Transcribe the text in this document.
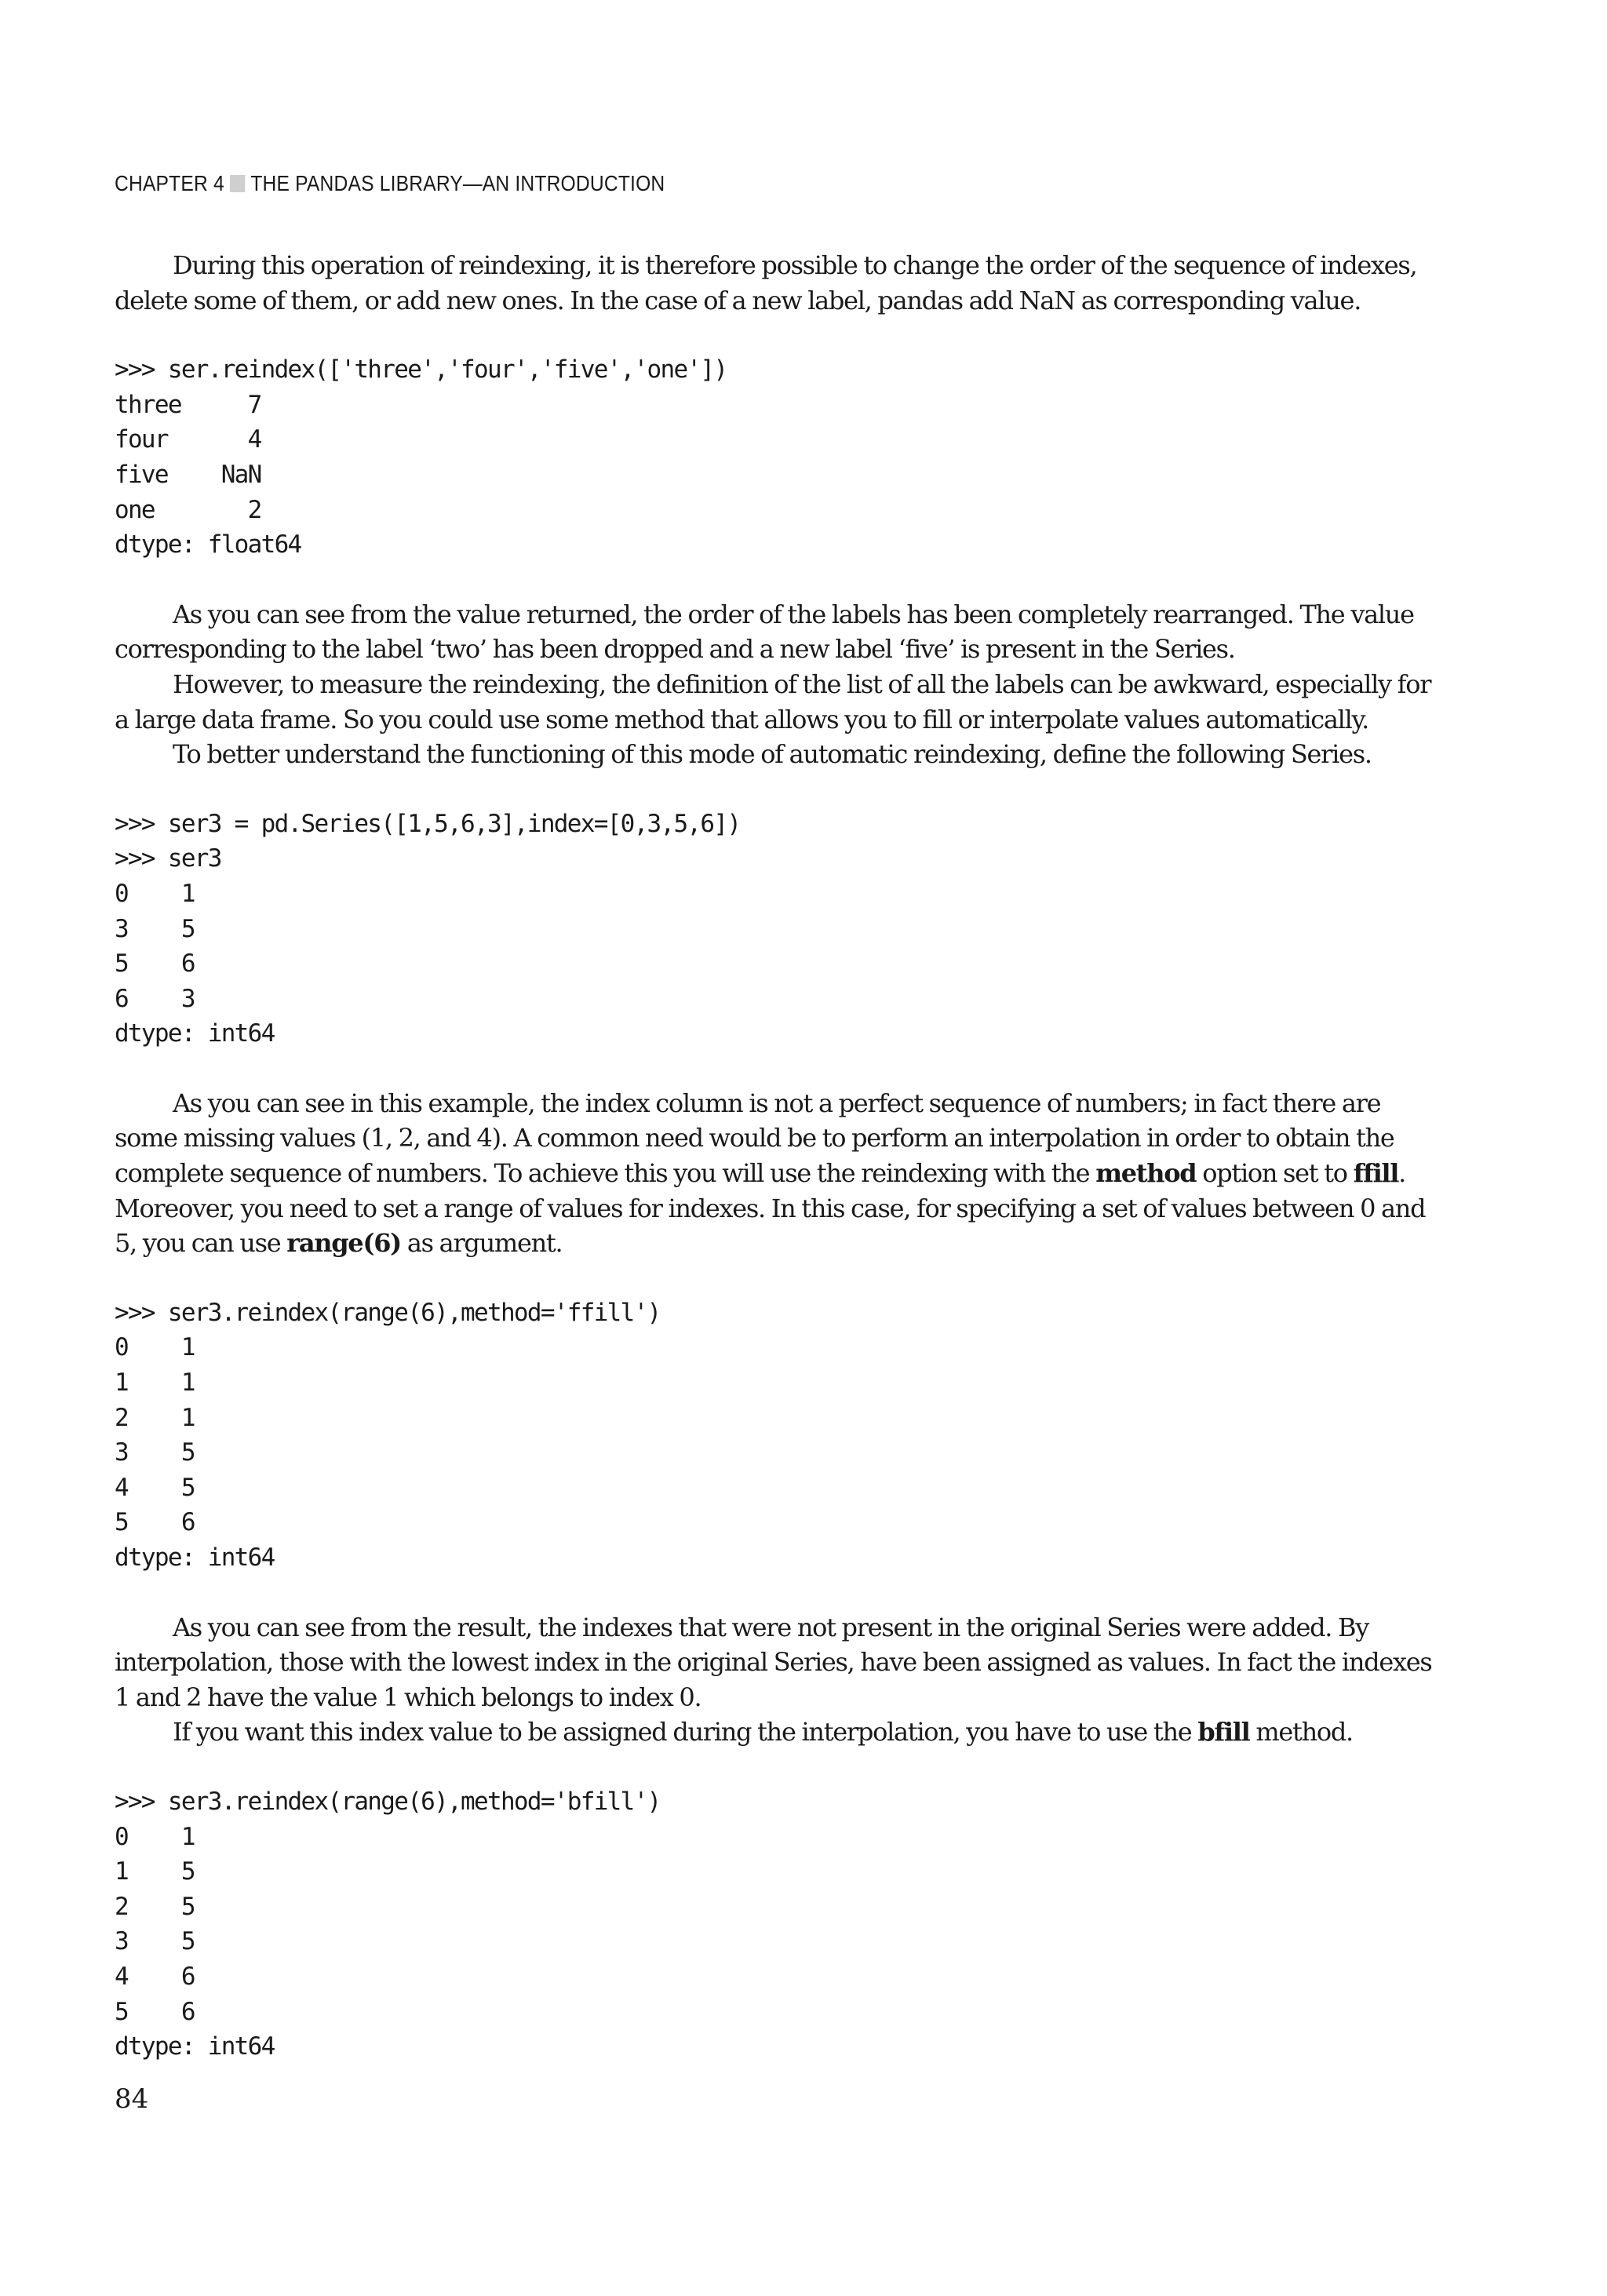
CHAPTER 4 THE PANDAS LIBRARY—AN INTRODUCTION

During this operation of reindexing, it is therefore possible to change the order of the sequence of indexes, delete some of them, or add new ones. In the case of a new label, pandas add NaN as corresponding value.

>>> ser.reindex(['three','four','five','one'])
three     7
four      4
five    NaN
one       2
dtype: float64

As you can see from the value returned, the order of the labels has been completely rearranged. The value corresponding to the label ‘two’ has been dropped and a new label ‘five’ is present in the Series.

However, to measure the reindexing, the definition of the list of all the labels can be awkward, especially for a large data frame. So you could use some method that allows you to fill or interpolate values automatically.

To better understand the functioning of this mode of automatic reindexing, define the following Series.

>>> ser3 = pd.Series([1,5,6,3],index=[0,3,5,6])
>>> ser3
0    1
3    5
5    6
6    3
dtype: int64

As you can see in this example, the index column is not a perfect sequence of numbers; in fact there are some missing values (1, 2, and 4). A common need would be to perform an interpolation in order to obtain the complete sequence of numbers. To achieve this you will use the reindexing with the method option set to ffill. Moreover, you need to set a range of values for indexes. In this case, for specifying a set of values between 0 and 5, you can use range(6) as argument.

>>> ser3.reindex(range(6),method='ffill')
0    1
1    1
2    1
3    5
4    5
5    6
dtype: int64

As you can see from the result, the indexes that were not present in the original Series were added. By interpolation, those with the lowest index in the original Series, have been assigned as values. In fact the indexes 1 and 2 have the value 1 which belongs to index 0.

If you want this index value to be assigned during the interpolation, you have to use the bfill method.

>>> ser3.reindex(range(6),method='bfill')
0    1
1    5
2    5
3    5
4    6
5    6
dtype: int64
84
